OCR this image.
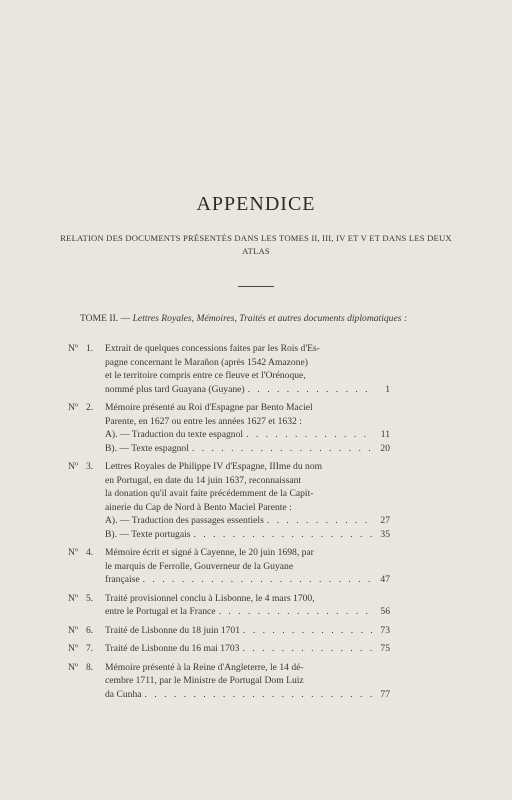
APPENDICE
RELATION DES DOCUMENTS PRÉSENTÉS DANS LES TOMES II, III, IV ET V ET DANS LES DEUX ATLAS
TOME II. — Lettres Royales, Mémoires, Traités et autres documents diplomatiques :
Nº 1.	Extrait de quelques concessions faites par les Rois d'Es-
pagne concernant le Marañon (après 1542 Amazone)
et le territoire compris entre ce fleuve et l'Orénoque,
nommé plus tard Guayana (Guyane) . . .	1
Nº 2.	Mémoire présenté au Roi d'Espagne par Bento Maciel
Parente, en 1627 ou entre les années 1627 et 1632 :
A). — Traduction du texte espagnol . . .	11
B). — Texte espagnol . . .	20
Nº 3.	Lettres Royales de Philippe IV d'Espagne, IIIme du nom
en Portugal, en date du 14 juin 1637, reconnaissant
la donation qu'il avait faite précédemment de la Capit-
ainerie du Cap de Nord à Bento Maciel Parente :
A). — Traduction des passages essentiels . . .	27
B). — Texte portugais . . .	35
Nº 4.	Mémoire écrit et signé à Cayenne, le 20 juin 1698, par
le marquis de Ferrolle, Gouverneur de la Guyane
française . . .	47
Nº 5.	Traité provisionnel conclu à Lisbonne, le 4 mars 1700,
entre le Portugal et la France . . .	56
Nº 6.	Traité de Lisbonne du 18 juin 1701 . . .	73
Nº 7.	Traité de Lisbonne du 16 mai 1703 . . .	75
Nº 8.	Mémoire présenté à la Reine d'Angleterre, le 14 dé-
cembre 1711, par le Ministre de Portugal Dom Luiz
da Cunha . . .	77
